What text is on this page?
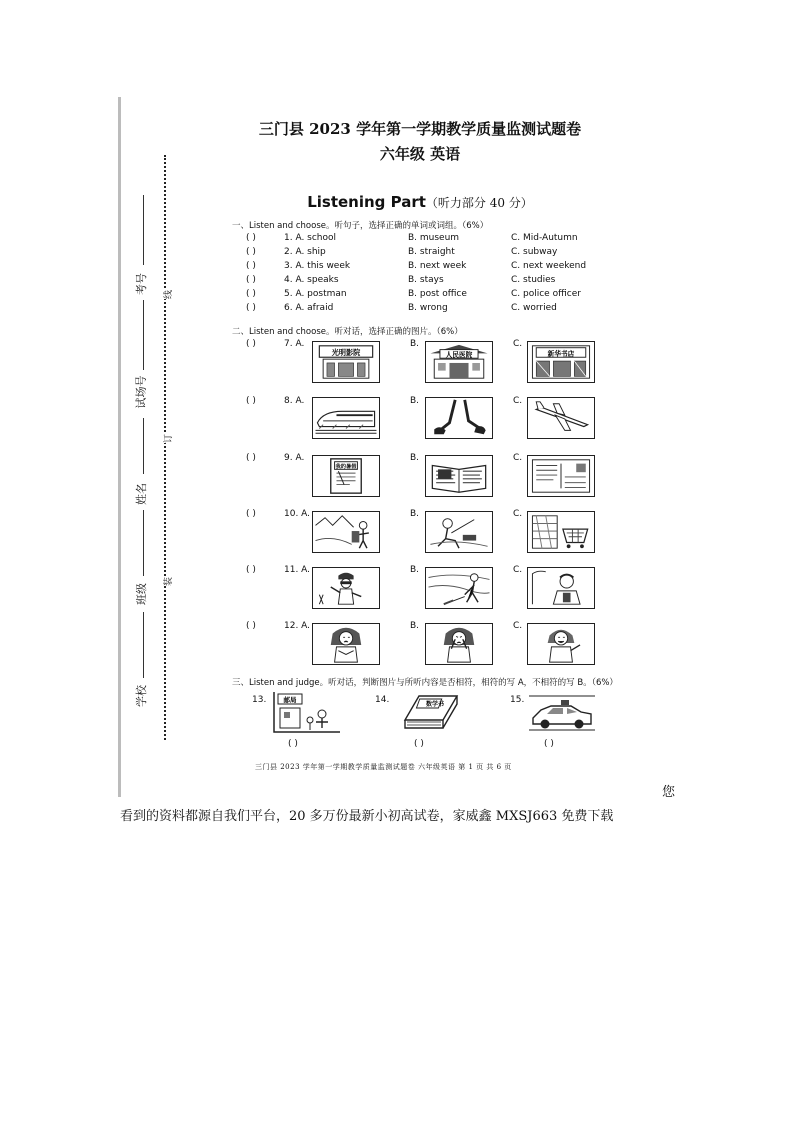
考号
试场号
姓名
班级
学校
线
订
装
三门县 2023 学年第一学期教学质量监测试题卷
六年级 英语
Listening Part（听力部分 40 分）
一、Listen and choose。听句子，选择正确的单词或词组。（6%）
( )	1. A. school	B. museum	C. Mid-Autumn
( )	2. A. ship	B. straight	C. subway
( )	3. A. this week	B. next week	C. next weekend
( )	4. A. speaks	B. stays	C. studies
( )	5. A. postman	B. post office	C. police officer
( )	6. A. afraid	B. wrong	C. worried
二、Listen and choose。听对话，选择正确的图片。（6%）
( )	7. A.
光明影院
B.
人民医院
C.
新华书店
( )	8. A.	B.	C.
( )	9. A.
我的暑假
B.	C.
( )	10. A.	B.	C.
( )	11. A.	B.	C.
( )	12. A.	B.	C.
三、Listen and judge。听对话，判断图片与所听内容是否相符，相符的写 A，不相符的写 B。（6%）
13.	邮局
( )
14.	数学书
( )
15.
( )
三门县 2023 学年第一学期教学质量监测试题卷 六年级英语 第 1 页 共 6 页
您
看到的资料都源自我们平台，20 多万份最新小初高试卷，家威鑫 MXSJ663 免费下载
